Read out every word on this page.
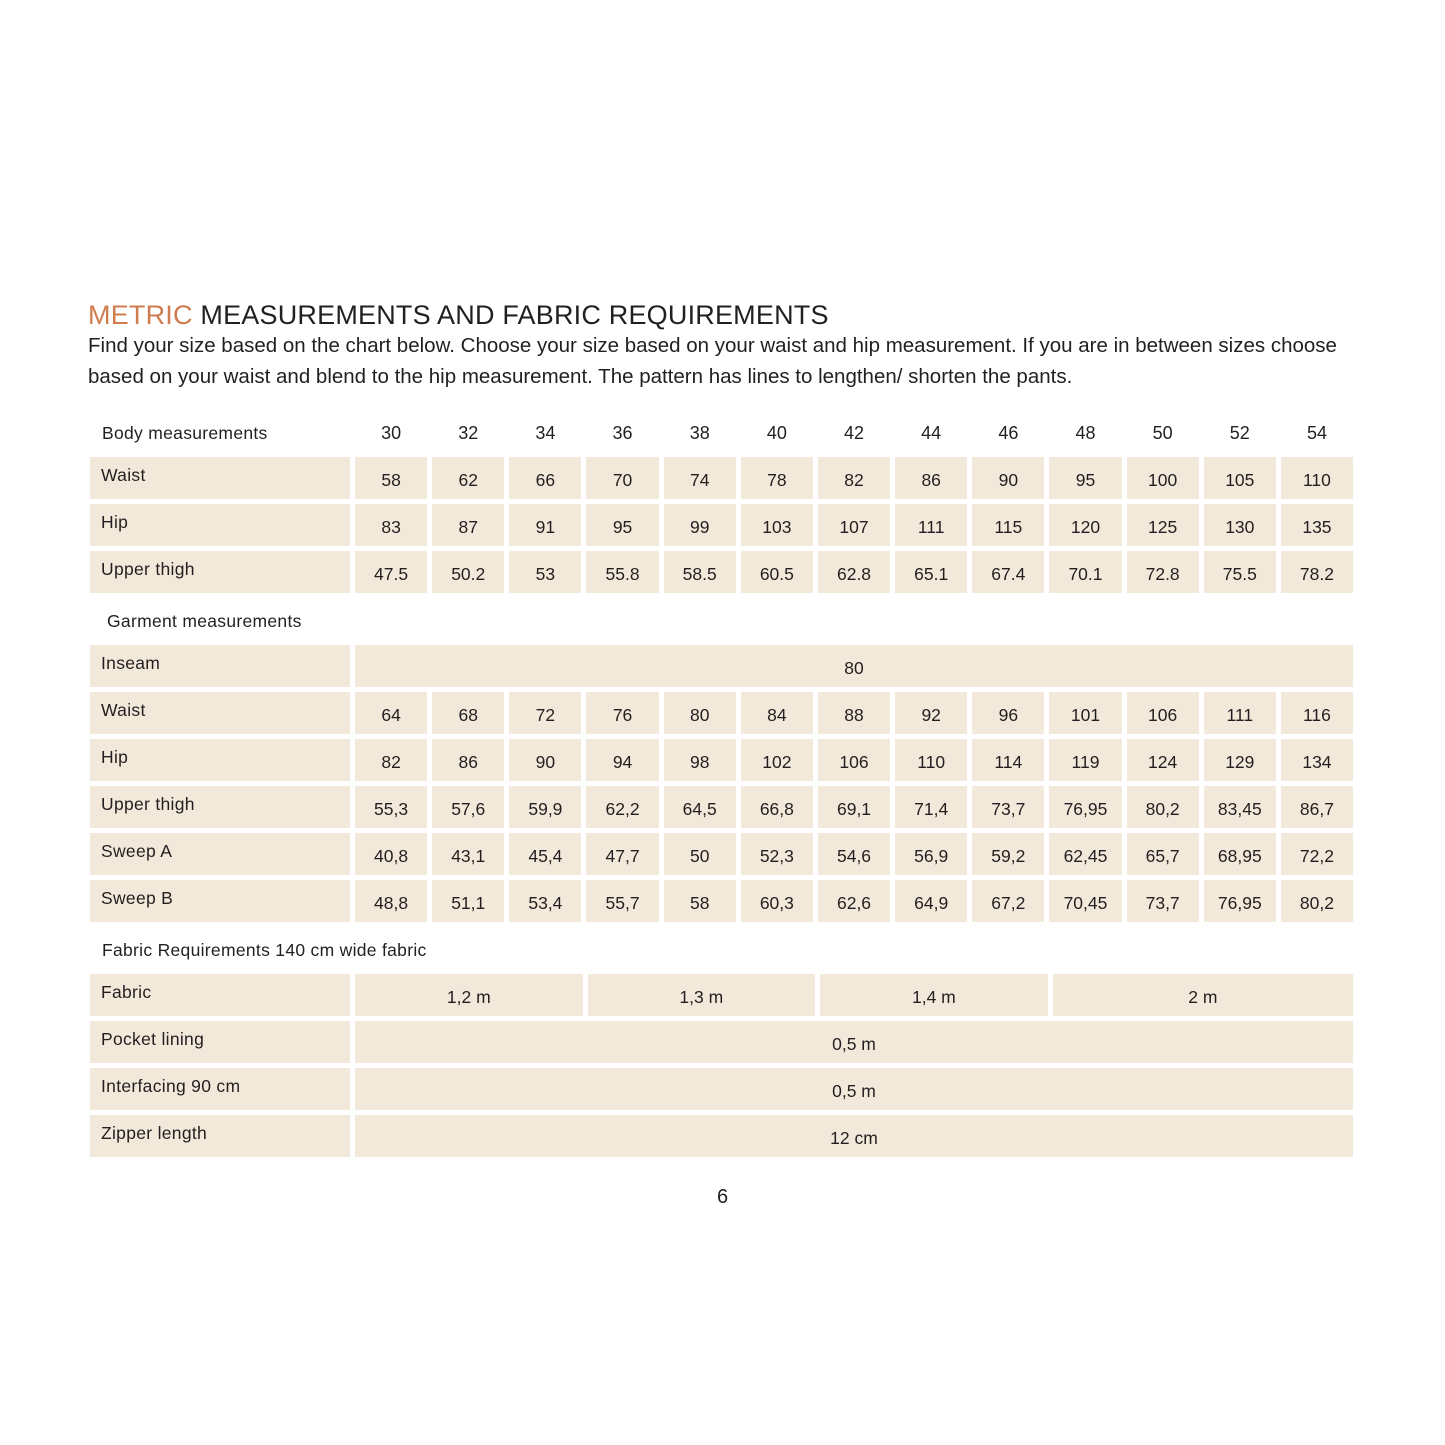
METRIC MEASUREMENTS AND FABRIC REQUIREMENTS

Find your size based on the chart below. Choose your size based on your waist and hip measurement. If you are in between sizes choose based on your waist and blend to the hip measurement. The pattern has lines to lengthen/ shorten the pants.

Body measurements	30	32	34	36	38	40	42	44	46	48	50	52	54
Waist	58	62	66	70	74	78	82	86	90	95	100	105	110
Hip	83	87	91	95	99	103	107	111	115	120	125	130	135
Upper thigh	47.5	50.2	53	55.8	58.5	60.5	62.8	65.1	67.4	70.1	72.8	75.5	78.2
Garment measurements
Inseam	80
Waist	64	68	72	76	80	84	88	92	96	101	106	111	116
Hip	82	86	90	94	98	102	106	110	114	119	124	129	134
Upper thigh	55,3	57,6	59,9	62,2	64,5	66,8	69,1	71,4	73,7	76,95	80,2	83,45	86,7
Sweep A	40,8	43,1	45,4	47,7	50	52,3	54,6	56,9	59,2	62,45	65,7	68,95	72,2
Sweep B	48,8	51,1	53,4	55,7	58	60,3	62,6	64,9	67,2	70,45	73,7	76,95	80,2
Fabric Requirements 140 cm wide fabric
Fabric	1,2 m	1,3 m	1,4 m	2 m
Pocket lining	0,5 m
Interfacing 90 cm	0,5 m
Zipper length	12 cm
6
